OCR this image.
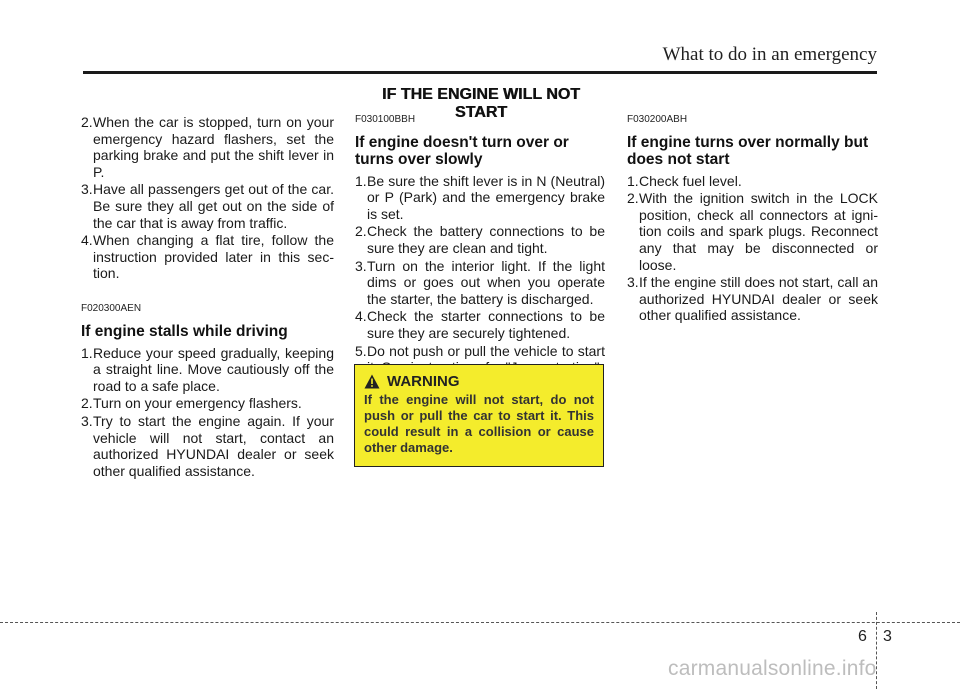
What to do in an emergency
IF THE ENGINE WILL NOT START
2. When the car is stopped, turn on your emergency hazard flashers, set the parking brake and put the shift lever in P.
3. Have all passengers get out of the car. Be sure they all get out on the side of the car that is away from traffic.
4. When changing a flat tire, follow the instruction provided later in this sec-tion.
F020300AEN
If engine stalls while driving
1. Reduce your speed gradually, keeping a straight line. Move cautiously off the road to a safe place.
2. Turn on your emergency flashers.
3. Try to start the engine again. If your vehicle will not start, contact an authorized HYUNDAI dealer or seek other qualified assistance.
F030100BBH
If engine doesn't turn over or turns over slowly
1. Be sure the shift lever is in N (Neutral) or P (Park) and the emergency brake is set.
2. Check the battery connections to be sure they are clean and tight.
3. Turn on the interior light. If the light dims or goes out when you operate the starter, the battery is discharged.
4. Check the starter connections to be sure they are securely tightened.
5. Do not push or pull the vehicle to start
WARNING
If the engine will not start, do not push or pull the car to start it. This could result in a collision or cause other damage.
F030200ABH
If engine turns over normally but does not start
1. Check fuel level.
2. With the ignition switch in the LOCK position, check all connectors at igni-tion coils and spark plugs. Reconnect any that may be disconnected or loose.
3. If the engine still does not start, call an authorized HYUNDAI dealer or seek other qualified assistance.
6 3
carmanualsonline.info
